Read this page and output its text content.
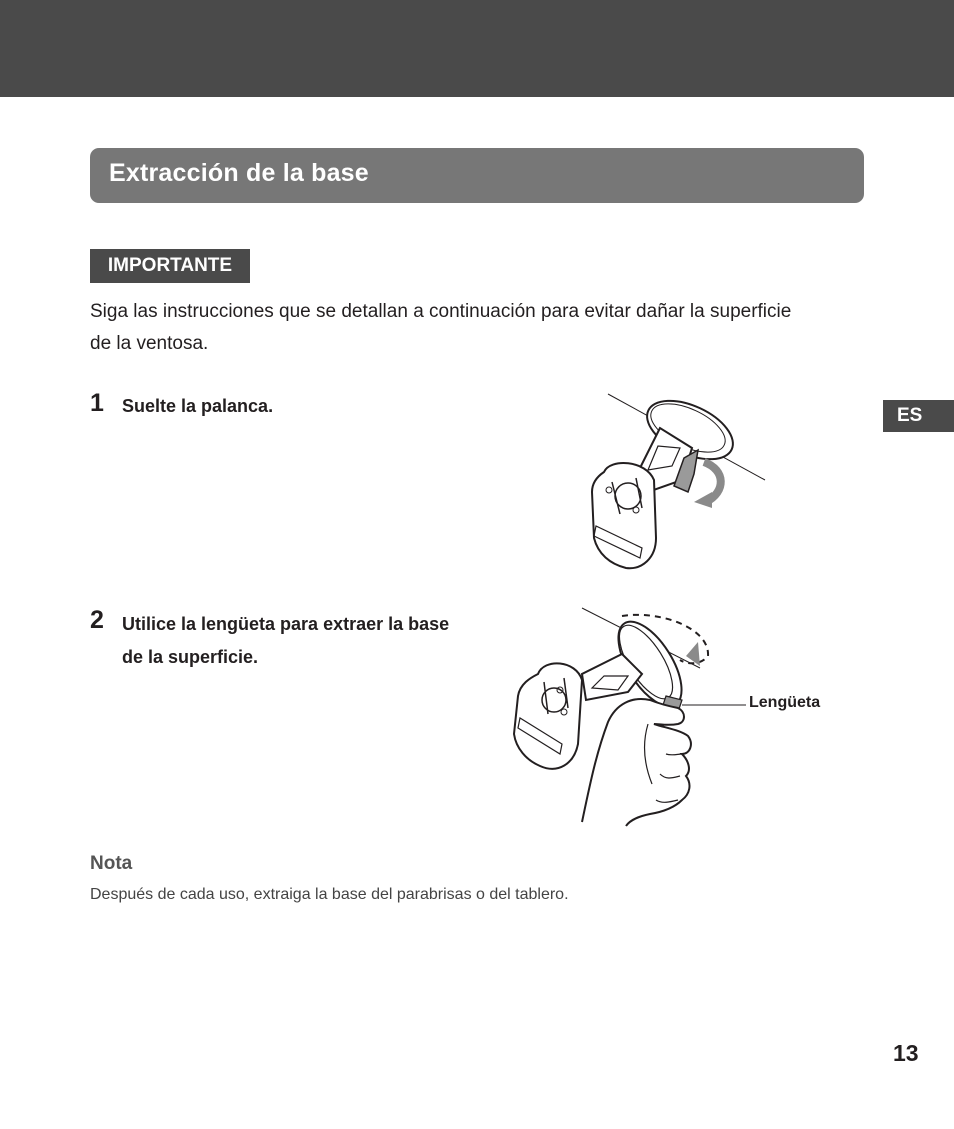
Extracción de la base
IMPORTANTE

Siga las instrucciones que se detallan a continuación para evitar dañar la superficie de la ventosa.

ES
1 Suelte la palanca.

2 Utilice la lengüeta para extraer la base de la superficie.

Lengüeta
Nota

Después de cada uso, extraiga la base del parabrisas o del tablero.

13
